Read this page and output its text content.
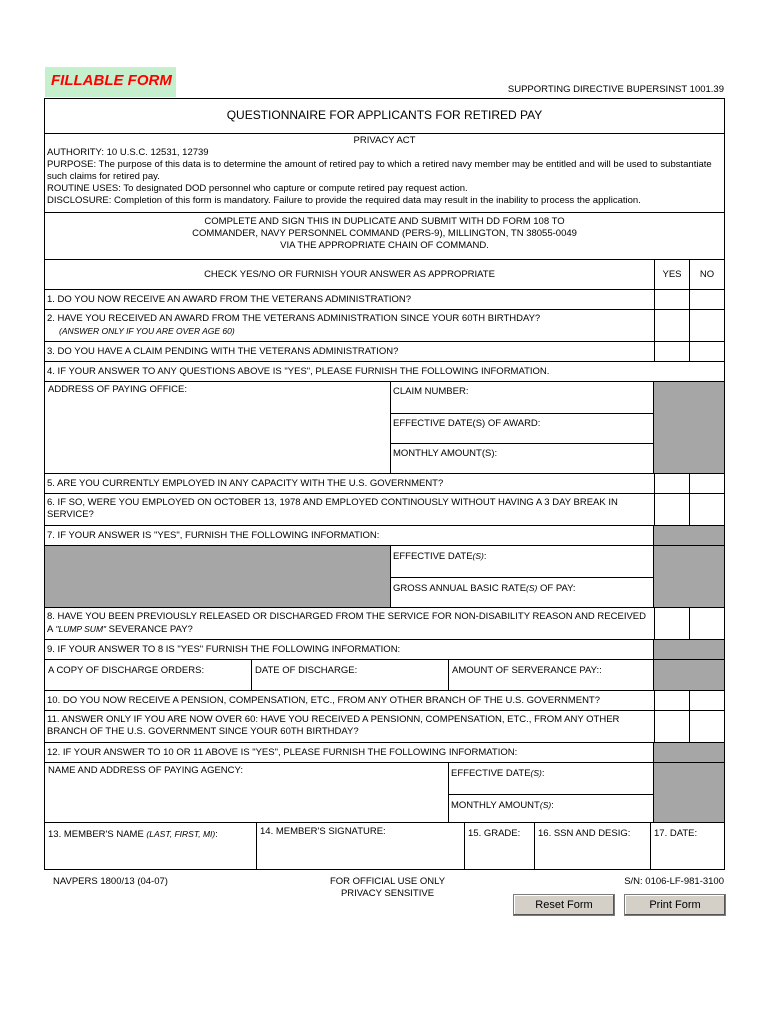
FILLABLE FORM
SUPPORTING DIRECTIVE BUPERSINST 1001.39
QUESTIONNAIRE FOR APPLICANTS FOR RETIRED PAY
PRIVACY ACT
AUTHORITY: 10 U.S.C. 12531, 12739
PURPOSE: The purpose of this data is to determine the amount of retired pay to which a retired navy member may be entitled and will be used to substantiate such claims for retired pay.
ROUTINE USES: To designated DOD personnel who capture or compute retired pay request action.
DISCLOSURE: Completion of this form is mandatory. Failure to provide the required data may result in the inability to process the application.
COMPLETE AND SIGN THIS IN DUPLICATE AND SUBMIT WITH DD FORM 108 TO
COMMANDER, NAVY PERSONNEL COMMAND (PERS-9), MILLINGTON, TN 38055-0049
VIA THE APPROPRIATE CHAIN OF COMMAND.
CHECK YES/NO OR FURNISH YOUR ANSWER AS APPROPRIATE	YES	NO
1. DO YOU NOW RECEIVE AN AWARD FROM THE VETERANS ADMINISTRATION?
2. HAVE YOU RECEIVED AN AWARD FROM THE VETERANS ADMINISTRATION SINCE YOUR 60TH BIRTHDAY?
(ANSWER ONLY IF YOU ARE OVER AGE 60)
3. DO YOU HAVE A CLAIM PENDING WITH THE VETERANS ADMINISTRATION?
4. IF YOUR ANSWER TO ANY QUESTIONS ABOVE IS "YES", PLEASE FURNISH THE FOLLOWING INFORMATION.
ADDRESS OF PAYING OFFICE:	CLAIM NUMBER:
EFFECTIVE DATE(S) OF AWARD:
MONTHLY AMOUNT(S):
5. ARE YOU CURRENTLY EMPLOYED IN ANY CAPACITY WITH THE U.S. GOVERNMENT?
6. IF SO, WERE YOU EMPLOYED ON OCTOBER 13, 1978 AND EMPLOYED CONTINOUSLY WITHOUT HAVING A 3 DAY BREAK IN SERVICE?
7. IF YOUR ANSWER IS "YES", FURNISH THE FOLLOWING INFORMATION:
EFFECTIVE DATE(S):
GROSS ANNUAL BASIC RATE(S) OF PAY:
8. HAVE YOU BEEN PREVIOUSLY RELEASED OR DISCHARGED FROM THE SERVICE FOR NON-DISABILITY REASON AND RECEIVED A "LUMP SUM" SEVERANCE PAY?
9. IF YOUR ANSWER TO 8 IS "YES" FURNISH THE FOLLOWING INFORMATION:
A COPY OF DISCHARGE ORDERS:	DATE OF DISCHARGE:	AMOUNT OF SERVERANCE PAY::
10. DO YOU NOW RECEIVE A PENSION, COMPENSATION, ETC., FROM ANY OTHER BRANCH OF THE U.S. GOVERNMENT?
11. ANSWER ONLY IF YOU ARE NOW OVER 60: HAVE YOU RECEIVED A PENSIONN, COMPENSATION, ETC., FROM ANY OTHER BRANCH OF THE U.S. GOVERNMENT SINCE YOUR 60TH BIRTHDAY?
12. IF YOUR ANSWER TO 10 OR 11 ABOVE IS "YES", PLEASE FURNISH THE FOLLOWING INFORMATION:
NAME AND ADDRESS OF PAYING AGENCY:	EFFECTIVE DATE(S):
MONTHLY AMOUNT(S):
13. MEMBER'S NAME (LAST, FIRST, MI):	14. MEMBER'S SIGNATURE:	15. GRADE:	16. SSN AND DESIG:	17. DATE:
NAVPERS 1800/13 (04-07)	FOR OFFICIAL USE ONLY
PRIVACY SENSITIVE
S/N: 0106-LF-981-3100
Reset Form	Print Form
